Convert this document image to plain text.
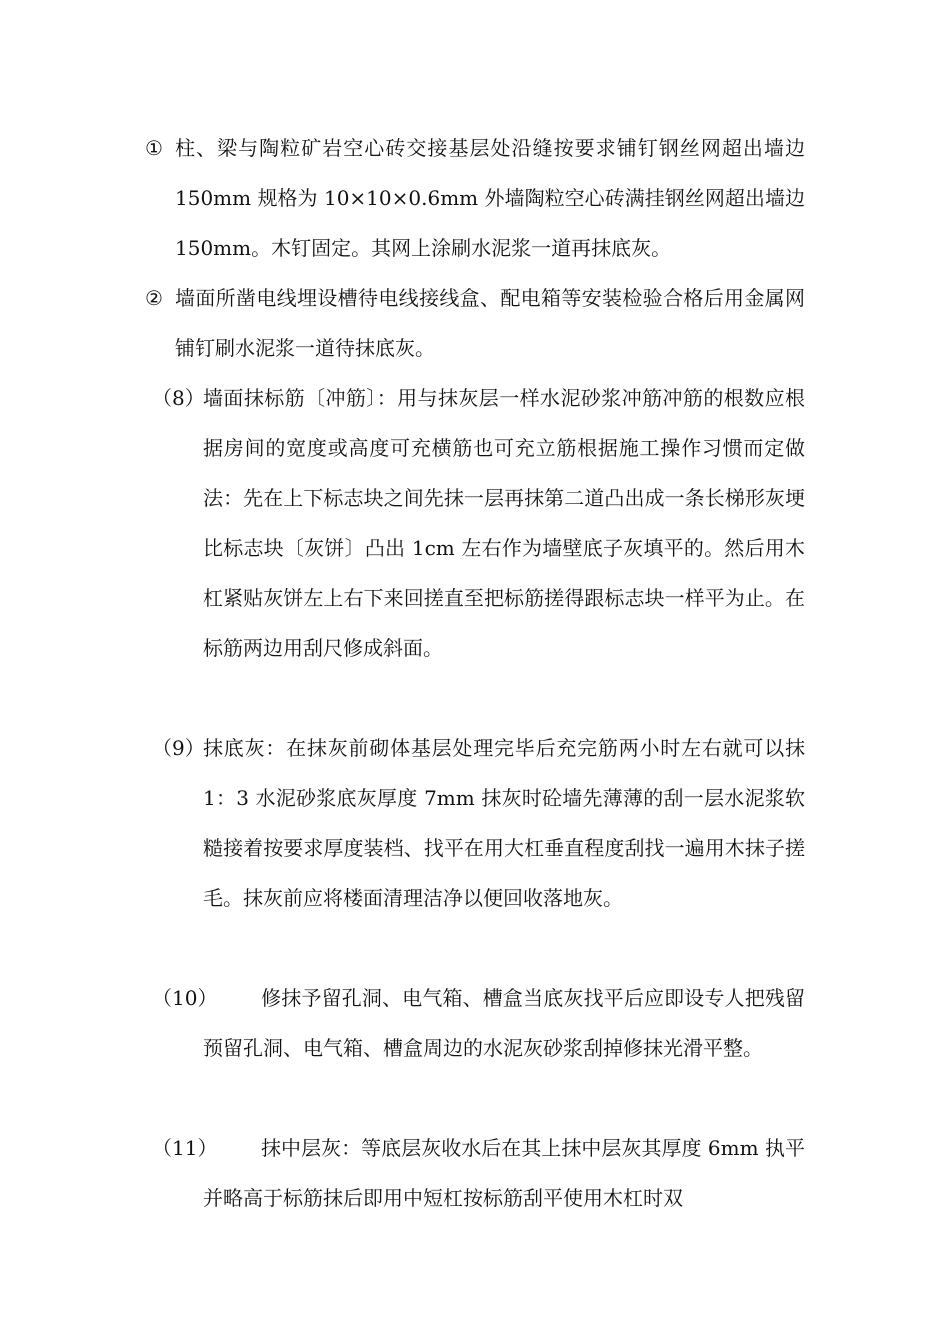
① 柱、梁与陶粒矿岩空心砖交接基层处沿缝按要求铺钉钢丝网超出墙边 150mm 规格为 10×10×0.6mm 外墙陶粒空心砖满挂钢丝网超出墙边 150mm。木钉固定。其网上涂刷水泥浆一道再抹底灰。
② 墙面所凿电线埋设槽待电线接线盒、配电箱等安装检验合格后用金属网铺钉刷水泥浆一道待抹底灰。
（8）
墙面抹标筋〔冲筋〕：用与抹灰层一样水泥砂浆冲筋冲筋的根数应根据房间的宽度或高度可充横筋也可充立筋根据施工操作习惯而定做法：先在上下标志块之间先抹一层再抹第二道凸出成一条长梯形灰埂比标志块〔灰饼〕凸出 1cm 左右作为墙壁底子灰填平的。然后用木杠紧贴灰饼左上右下来回搓直至把标筋搓得跟标志块一样平为止。在标筋两边用刮尺修成斜面。
（9）
抹底灰：在抹灰前砌体基层处理完毕后充完筋两小时左右就可以抹 1：3 水泥砂浆底灰厚度 7mm 抹灰时砼墙先薄薄的刮一层水泥浆软糙接着按要求厚度装档、找平在用大杠垂直程度刮找一遍用木抹子搓毛。抹灰前应将楼面清理洁净以便回收落地灰。
（10）	修抹予留孔洞、电气箱、槽盒当底灰找平后应即设专人把残留预留孔洞、电气箱、槽盒周边的水泥灰砂浆刮掉修抹光滑平整。
（11）	抹中层灰：等底层灰收水后在其上抹中层灰其厚度 6mm 执平并略高于标筋抹后即用中短杠按标筋刮平使用木杠时双
